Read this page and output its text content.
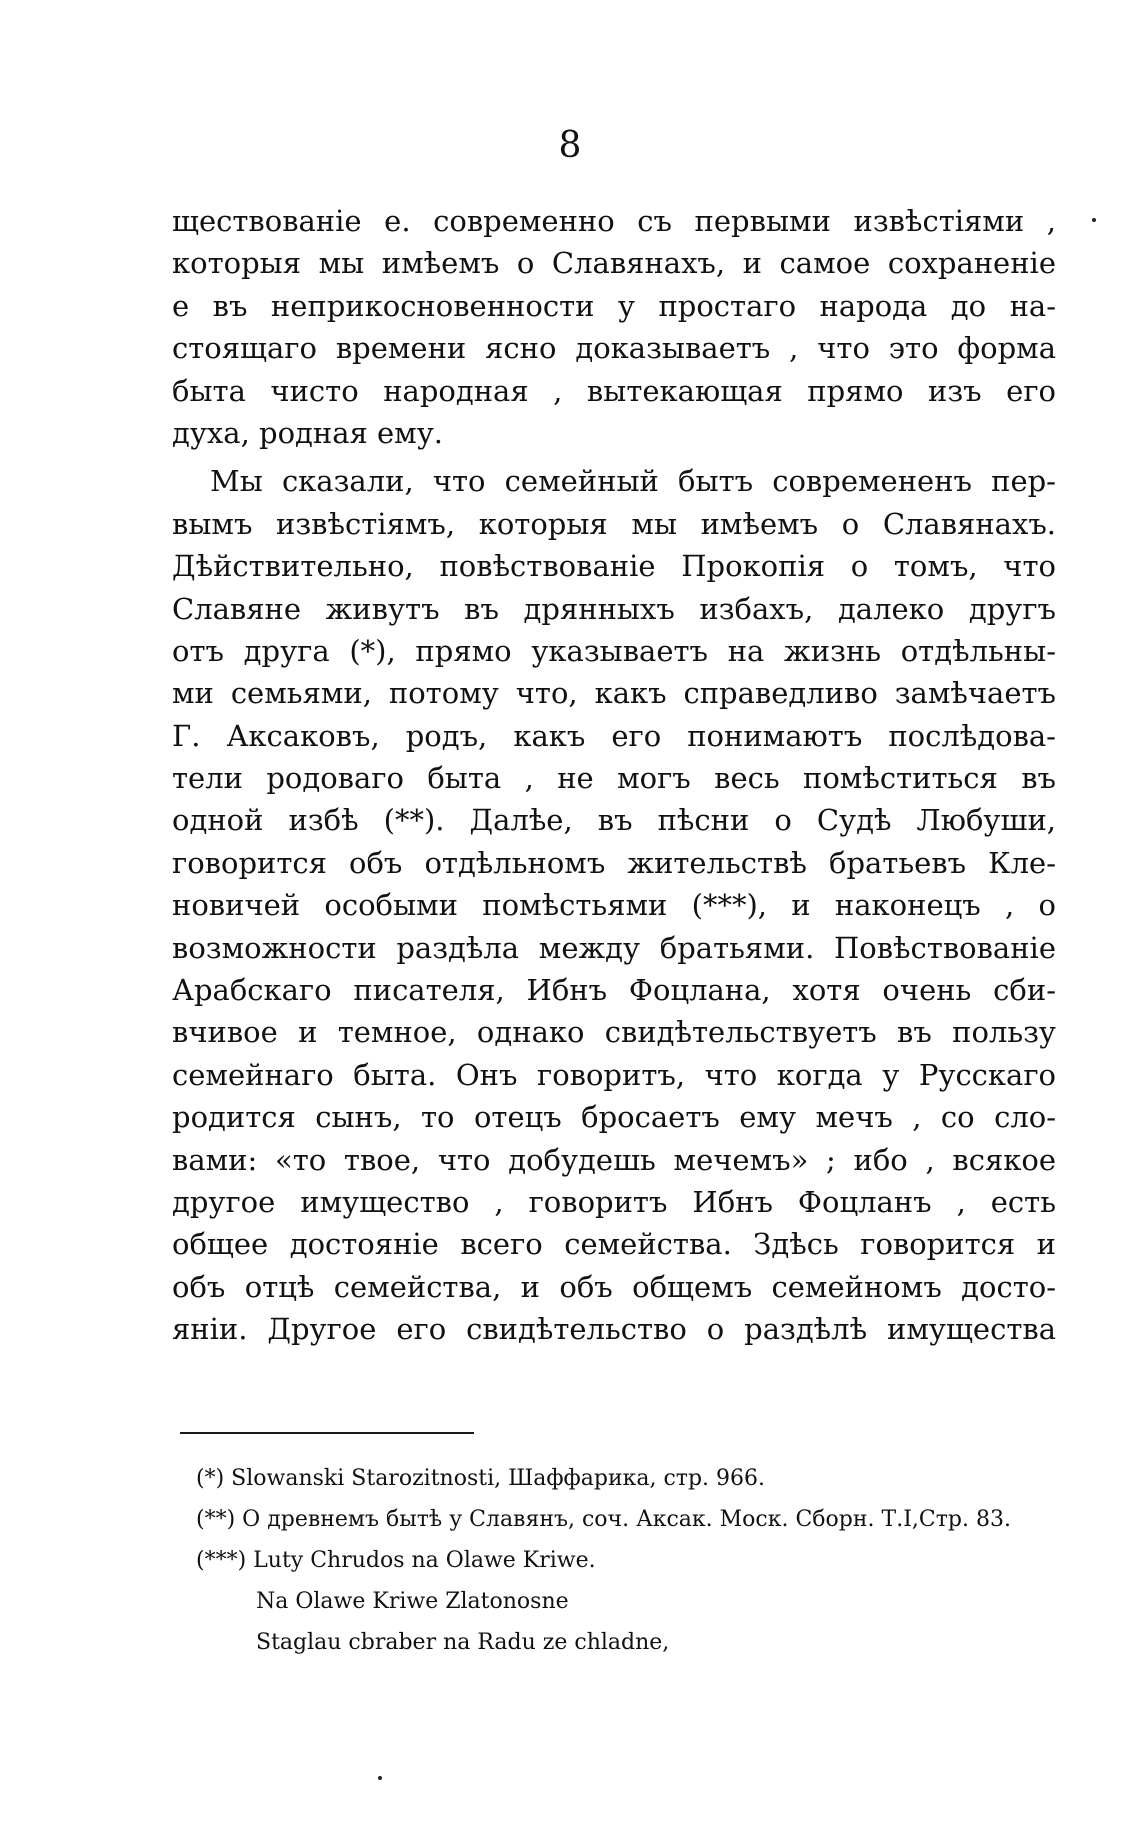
8
ществованіе е. современно съ первыми извѣстіями ,
которыя мы имѣемъ о Славянахъ, и самое сохраненіе
е въ неприкосновенности у простаго народа до на-
стоящаго времени ясно доказываетъ , что это форма
быта чисто народная , вытекающая прямо изъ его
духа, родная ему.
Мы сказали, что семейный бытъ современенъ пер-
вымъ извѣстіямъ, которыя мы имѣемъ о Славянахъ.
Дѣйствительно, повѣствованіе Прокопія о томъ, что
Славяне живутъ въ дрянныхъ избахъ, далеко другъ
отъ друга (*), прямо указываетъ на жизнь отдѣльны-
ми семьями, потому что, какъ справедливо замѣчаетъ
Г. Аксаковъ, родъ, какъ его понимаютъ послѣдова-
тели родоваго быта , не могъ весь помѣститься въ
одной избѣ (**). Далѣе, въ пѣсни о Судѣ Любуши,
говорится объ отдѣльномъ жительствѣ братьевъ Кле-
новичей особыми помѣстьями (***), и наконецъ , о
возможности раздѣла между братьями. Повѣствованіе
Арабскаго писателя, Ибнъ Фоцлана, хотя очень сби-
вчивое и темное, однако свидѣтельствуетъ въ пользу
семейнаго быта. Онъ говоритъ, что когда у Русскаго
родится сынъ, то отецъ бросаетъ ему мечъ , со сло-
вами: «то твое, что добудешь мечемъ» ; ибо , всякое
другое имущество , говоритъ Ибнъ Фоцланъ , есть
общее достояніе всего семейства. Здѣсь говорится и
объ отцѣ семейства, и объ общемъ семейномъ досто-
яніи. Другое его свидѣтельство о раздѣлѣ имущества
(*) Slowanski Starozitnosti, Шаффарика, стр. 966.
(**) О древнемъ бытѣ у Славянъ, соч. Аксак. Моск. Сборн. Т.І,Стр. 83.
(***) Luty Chrudos na Olawe Kriwe.
Na Olawe Kriwe Zlatonosne
Staglau cbraber na Radu ze chladne,
